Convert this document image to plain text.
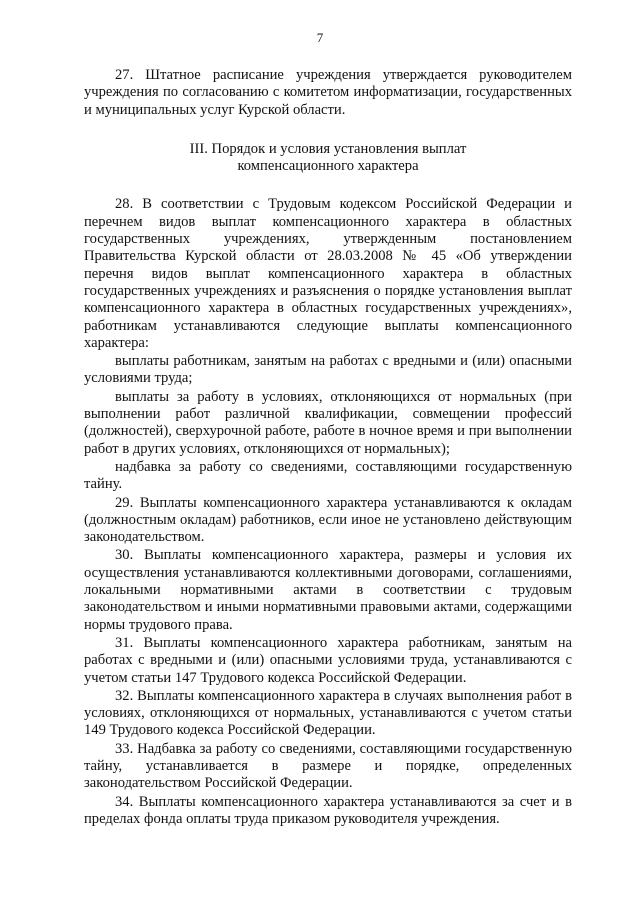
7

27. Штатное расписание учреждения утверждается руководителем учреждения по согласованию с комитетом информатизации, государственных и муниципальных услуг Курской области.

III. Порядок и условия установления выплат
компенсационного характера

28. В соответствии с Трудовым кодексом Российской Федерации и перечнем видов выплат компенсационного характера в областных государственных учреждениях, утвержденным постановлением Правительства Курской области от 28.03.2008 № 45 «Об утверждении перечня видов выплат компенсационного характера в областных государственных учреждениях и разъяснения о порядке установления выплат компенсационного характера в областных государственных учреждениях», работникам устанавливаются следующие выплаты компенсационного характера:

выплаты работникам, занятым на работах с вредными и (или) опасными условиями труда;

выплаты за работу в условиях, отклоняющихся от нормальных (при выполнении работ различной квалификации, совмещении профессий (должностей), сверхурочной работе, работе в ночное время и при выполнении работ в других условиях, отклоняющихся от нормальных);

надбавка за работу со сведениями, составляющими государственную тайну.

29. Выплаты компенсационного характера устанавливаются к окладам (должностным окладам) работников, если иное не установлено действующим законодательством.

30. Выплаты компенсационного характера, размеры и условия их осуществления устанавливаются коллективными договорами, соглашениями, локальными нормативными актами в соответствии с трудовым законодательством и иными нормативными правовыми актами, содержащими нормы трудового права.

31. Выплаты компенсационного характера работникам, занятым на работах с вредными и (или) опасными условиями труда, устанавливаются с учетом статьи 147 Трудового кодекса Российской Федерации.

32. Выплаты компенсационного характера в случаях выполнения работ в условиях, отклоняющихся от нормальных, устанавливаются с учетом статьи 149 Трудового кодекса Российской Федерации.

33. Надбавка за работу со сведениями, составляющими государственную тайну, устанавливается в размере и порядке, определенных законодательством Российской Федерации.

34. Выплаты компенсационного характера устанавливаются за счет и в пределах фонда оплаты труда приказом руководителя учреждения.
